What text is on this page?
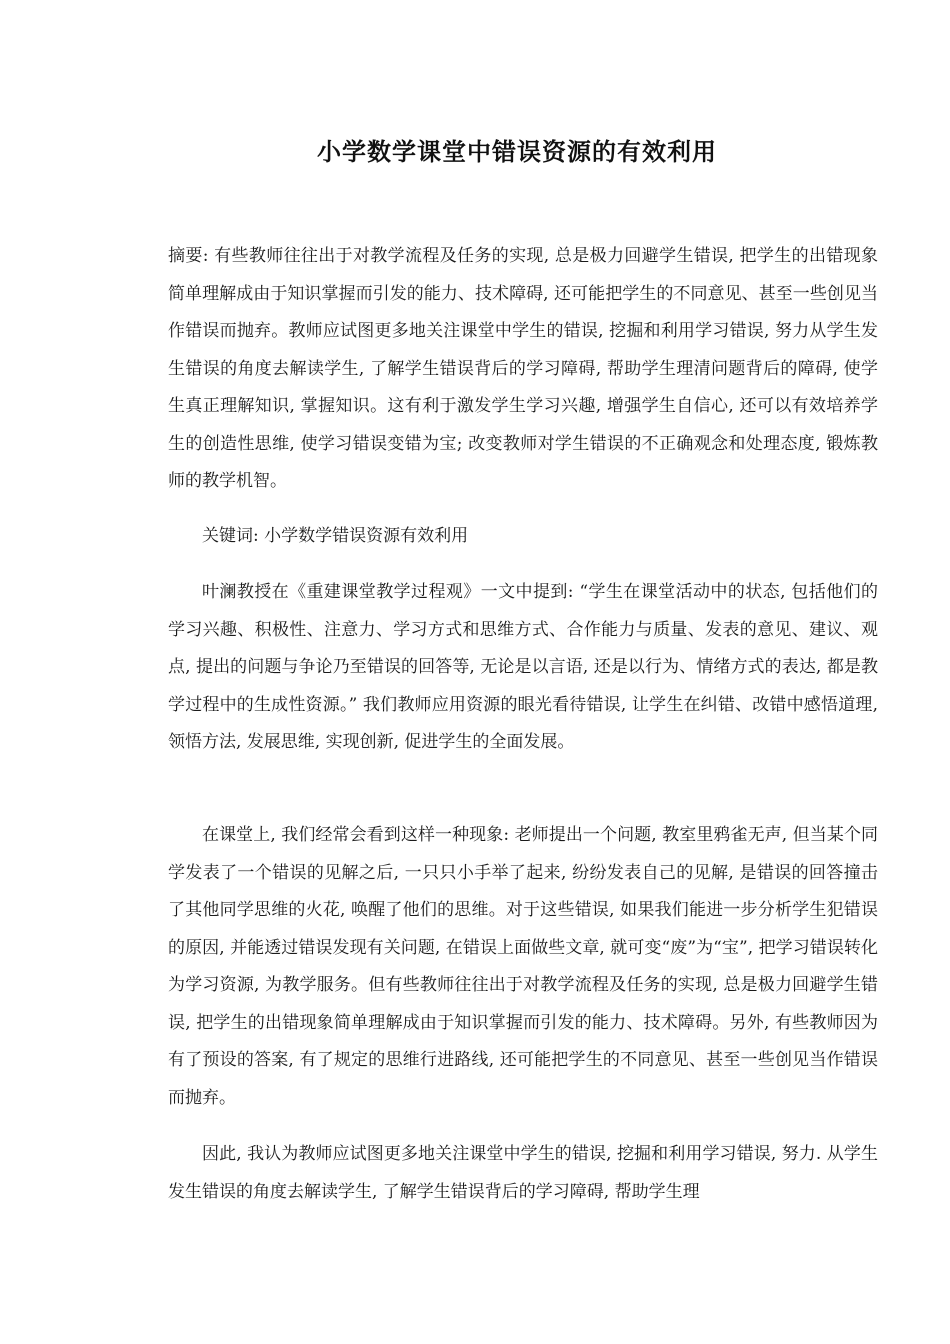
小学数学课堂中错误资源的有效利用

摘要: 有些教师往往出于对教学流程及任务的实现, 总是极力回避学生错误, 把学生的出错现象简单理解成由于知识掌握而引发的能力、技术障碍, 还可能把学生的不同意见、甚至一些创见当作错误而抛弃。教师应试图更多地关注课堂中学生的错误, 挖掘和利用学习错误, 努力从学生发生错误的角度去解读学生, 了解学生错误背后的学习障碍, 帮助学生理清问题背后的障碍, 使学生真正理解知识, 掌握知识。这有利于激发学生学习兴趣, 增强学生自信心, 还可以有效培养学生的创造性思维, 使学习错误变错为宝; 改变教师对学生错误的不正确观念和处理态度, 锻炼教师的教学机智。

关键词: 小学数学错误资源有效利用

叶澜教授在《重建课堂教学过程观》一文中提到: “学生在课堂活动中的状态, 包括他们的学习兴趣、积极性、注意力、学习方式和思维方式、合作能力与质量、发表的意见、建议、观点, 提出的问题与争论乃至错误的回答等, 无论是以言语, 还是以行为、情绪方式的表达, 都是教学过程中的生成性资源。” 我们教师应用资源的眼光看待错误, 让学生在纠错、改错中感悟道理, 领悟方法, 发展思维, 实现创新, 促进学生的全面发展。

在课堂上, 我们经常会看到这样一种现象: 老师提出一个问题, 教室里鸦雀无声, 但当某个同学发表了一个错误的见解之后, 一只只小手举了起来, 纷纷发表自己的见解, 是错误的回答撞击了其他同学思维的火花, 唤醒了他们的思维。对于这些错误, 如果我们能进一步分析学生犯错误的原因, 并能透过错误发现有关问题, 在错误上面做些文章, 就可变“废”为“宝”, 把学习错误转化为学习资源, 为教学服务。但有些教师往往出于对教学流程及任务的实现, 总是极力回避学生错误, 把学生的出错现象简单理解成由于知识掌握而引发的能力、技术障碍。另外, 有些教师因为有了预设的答案, 有了规定的思维行进路线, 还可能把学生的不同意见、甚至一些创见当作错误而抛弃。

因此, 我认为教师应试图更多地关注课堂中学生的错误, 挖掘和利用学习错误, 努力. 从学生发生错误的角度去解读学生, 了解学生错误背后的学习障碍, 帮助学生理
